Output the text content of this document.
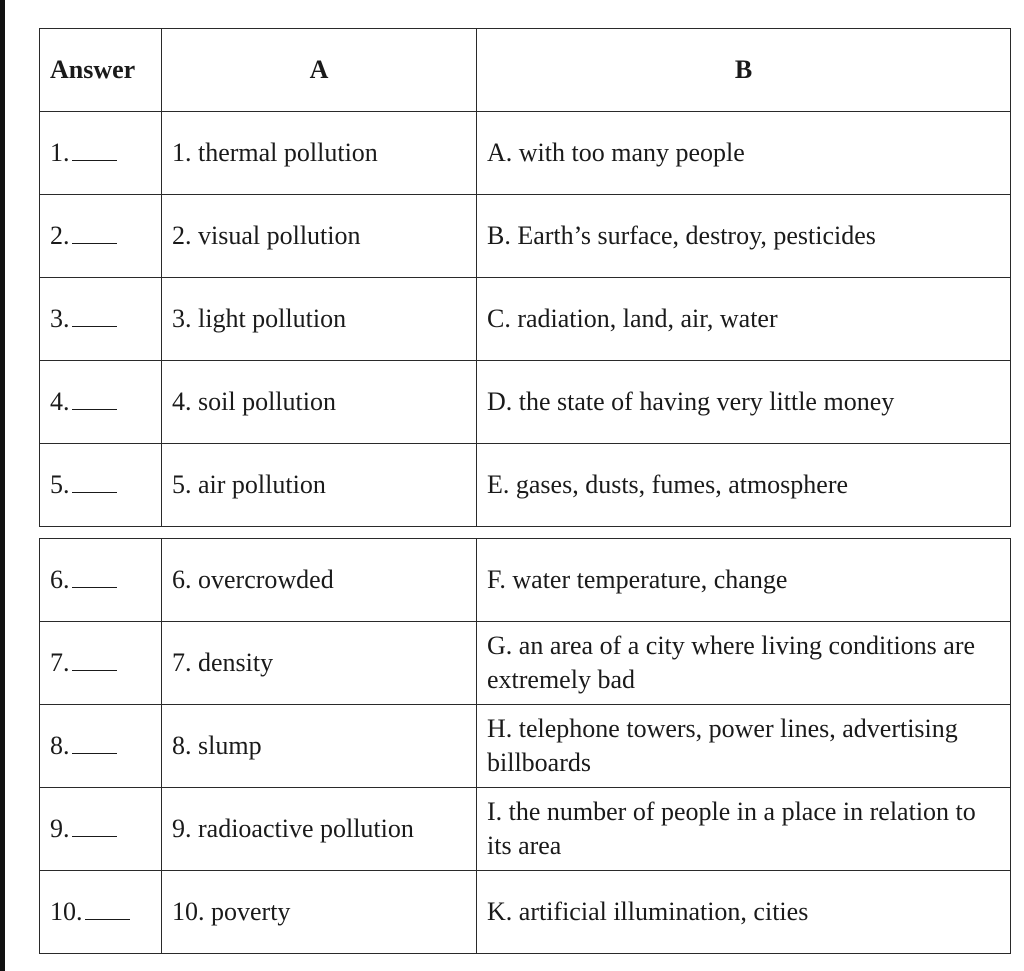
Answer	A	B
1.	1. thermal pollution	A. with too many people
2.	2. visual pollution	B. Earth’s surface, destroy, pesticides
3.	3. light pollution	C. radiation, land, air, water
4.	4. soil pollution	D. the state of having very little money
5.	5. air pollution	E. gases, dusts, fumes, atmosphere
6.	6. overcrowded	F. water temperature, change
7.	7. density	G. an area of a city where living conditions are extremely bad
8.	8. slump	H. telephone towers, power lines, advertising billboards
9.	9. radioactive pollution	I. the number of people in a place in relation to its area
10.	10. poverty	K. artificial illumination, cities
